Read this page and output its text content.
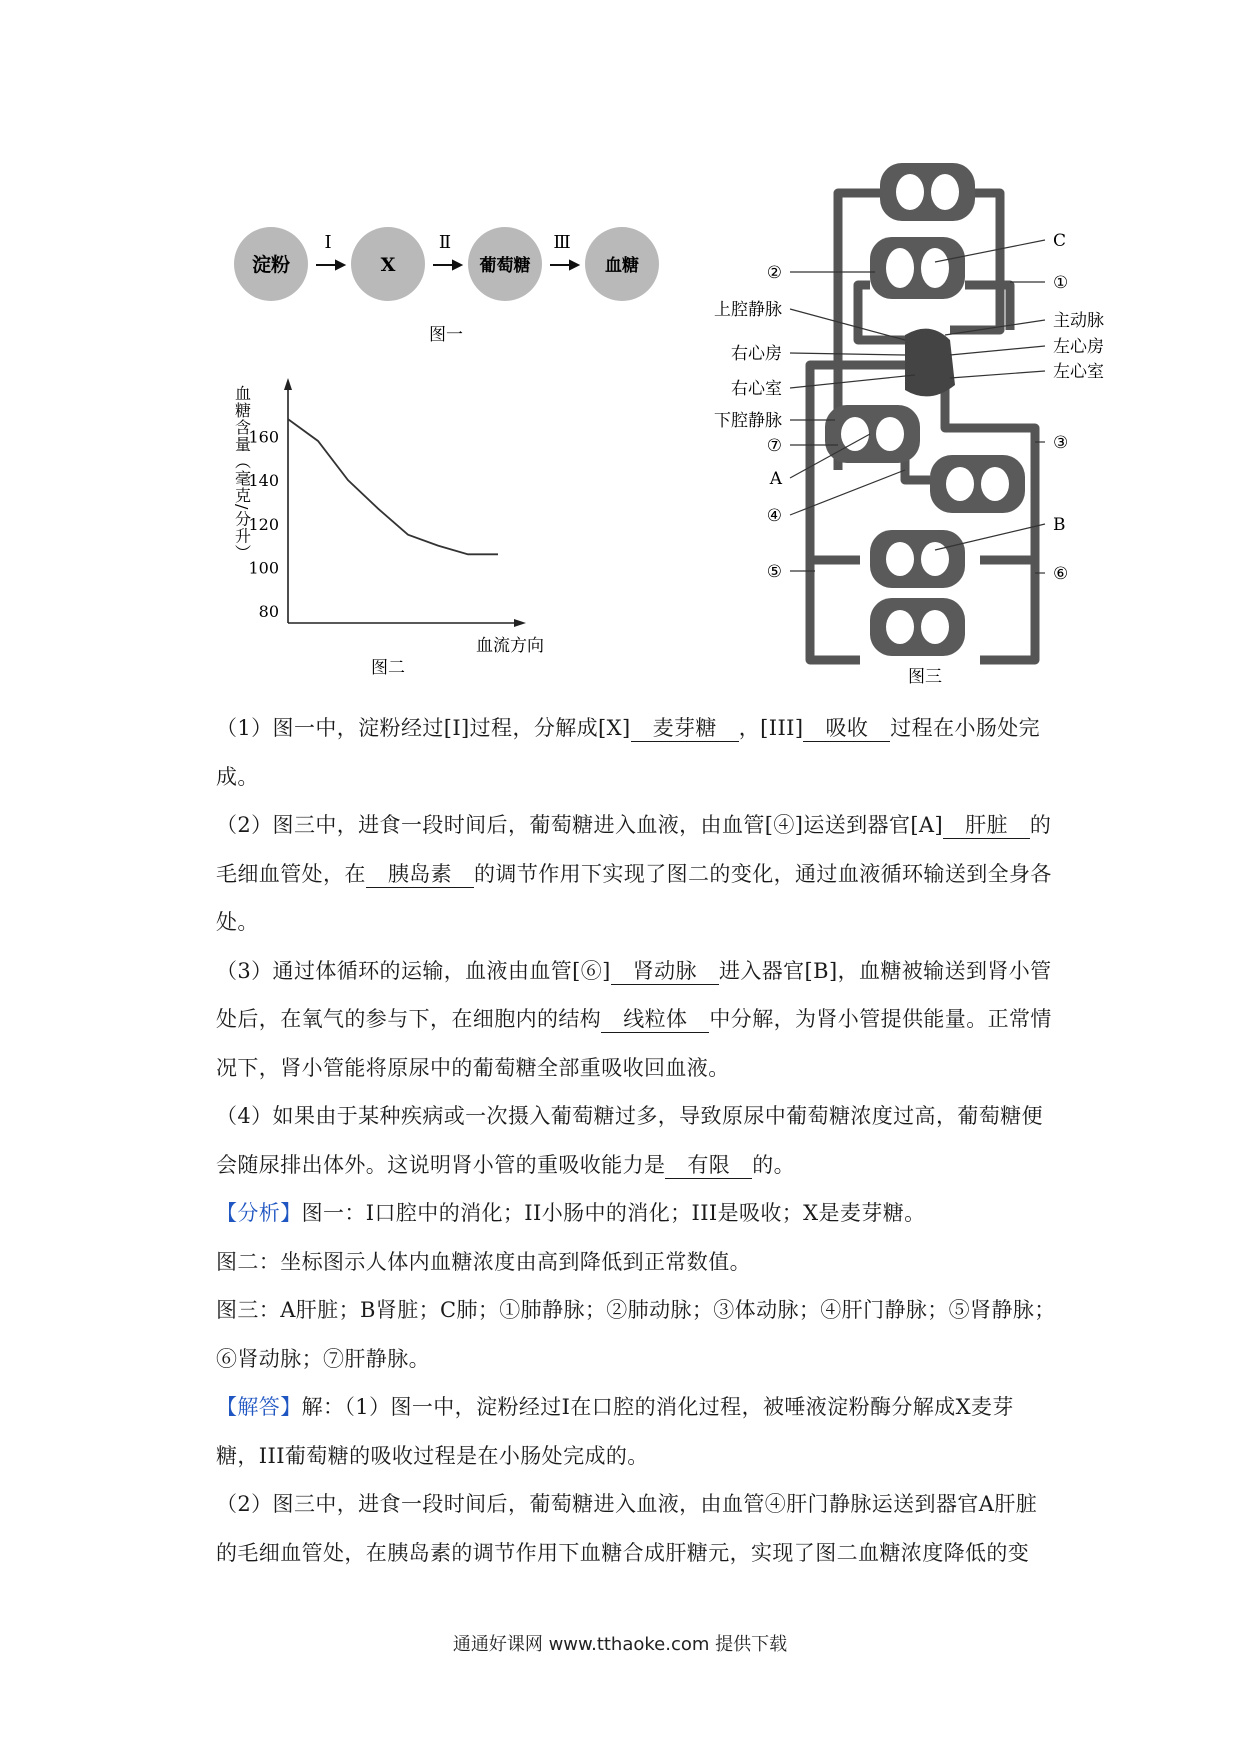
淀粉	X	葡萄糖	血糖
Ⅰ	Ⅱ	Ⅲ
图一
160
140
120
100
80
血糖含量（毫克/分升）
血流方向
图二
②
上腔静脉
右心房
右心室
下腔静脉
⑦
A
④
⑤
C
①
主动脉
左心房
左心室
③
B
⑥
图三

（1）图一中，淀粉经过[Ⅰ]过程，分解成[X] 麦芽糖 ，[III] 吸收 过程在小肠处完成。

（2）图三中，进食一段时间后，葡萄糖进入血液，由血管[④]运送到器官[A] 肝脏 的毛细血管处，在 胰岛素 的调节作用下实现了图二的变化，通过血液循环输送到全身各处。

（3）通过体循环的运输，血液由血管[⑥] 肾动脉 进入器官[B]，血糖被输送到肾小管处后，在氧气的参与下，在细胞内的结构 线粒体 中分解，为肾小管提供能量。正常情况下，肾小管能将原尿中的葡萄糖全部重吸收回血液。

（4）如果由于某种疾病或一次摄入葡萄糖过多，导致原尿中葡萄糖浓度过高，葡萄糖便会随尿排出体外。这说明肾小管的重吸收能力是 有限 的。

【分析】图一：I口腔中的消化；II小肠中的消化；III是吸收；X是麦芽糖。

图二：坐标图示人体内血糖浓度由高到降低到正常数值。

图三：A肝脏；B肾脏；C肺；①肺静脉；②肺动脉；③体动脉；④肝门静脉；⑤肾静脉；⑥肾动脉；⑦肝静脉。

【解答】解：（1）图一中，淀粉经过I在口腔的消化过程，被唾液淀粉酶分解成X麦芽糖，III葡萄糖的吸收过程是在小肠处完成的。

（2）图三中，进食一段时间后，葡萄糖进入血液，由血管④肝门静脉运送到器官A肝脏的毛细血管处，在胰岛素的调节作用下血糖合成肝糖元，实现了图二血糖浓度降低的变

通通好课网 www.tthaoke.com 提供下载
